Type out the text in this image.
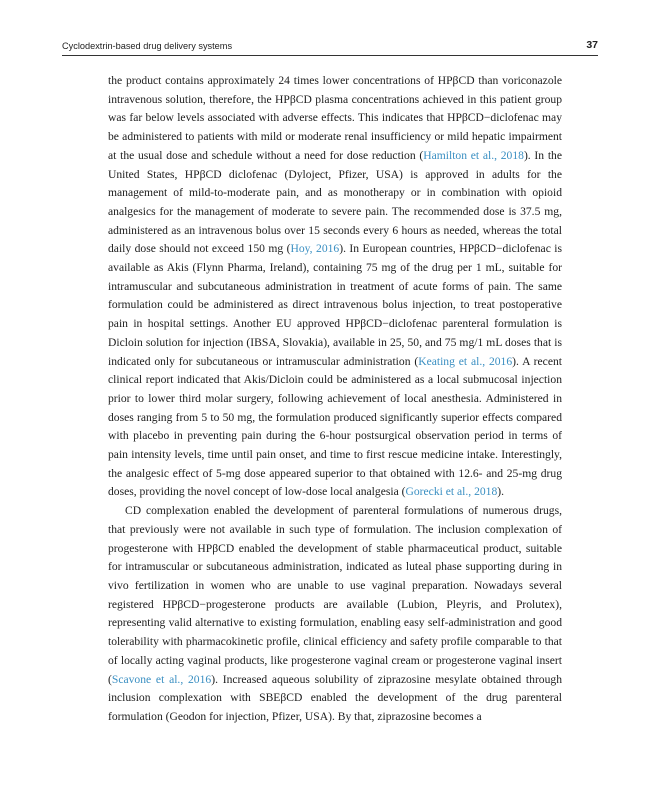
Cyclodextrin-based drug delivery systems	37

the product contains approximately 24 times lower concentrations of HPβCD than voriconazole intravenous solution, therefore, the HPβCD plasma concentrations achieved in this patient group was far below levels associated with adverse effects. This indicates that HPβCD−diclofenac may be administered to patients with mild or moderate renal insufficiency or mild hepatic impairment at the usual dose and schedule without a need for dose reduction (Hamilton et al., 2018). In the United States, HPβCD diclofenac (Dyloject, Pfizer, USA) is approved in adults for the management of mild-to-moderate pain, and as monotherapy or in combination with opioid analgesics for the management of moderate to severe pain. The recommended dose is 37.5 mg, administered as an intravenous bolus over 15 seconds every 6 hours as needed, whereas the total daily dose should not exceed 150 mg (Hoy, 2016). In European countries, HPβCD−diclofenac is available as Akis (Flynn Pharma, Ireland), containing 75 mg of the drug per 1 mL, suitable for intramuscular and subcutaneous administration in treatment of acute forms of pain. The same formulation could be administered as direct intravenous bolus injection, to treat postoperative pain in hospital settings. Another EU approved HPβCD−diclofenac parenteral formulation is Dicloin solution for injection (IBSA, Slovakia), available in 25, 50, and 75 mg/1 mL doses that is indicated only for subcutaneous or intramuscular administration (Keating et al., 2016). A recent clinical report indicated that Akis/Dicloin could be administered as a local submucosal injection prior to lower third molar surgery, following achievement of local anesthesia. Administered in doses ranging from 5 to 50 mg, the formulation produced significantly superior effects compared with placebo in preventing pain during the 6-hour postsurgical observation period in terms of pain intensity levels, time until pain onset, and time to first rescue medicine intake. Interestingly, the analgesic effect of 5-mg dose appeared superior to that obtained with 12.6- and 25-mg drug doses, providing the novel concept of low-dose local analgesia (Gorecki et al., 2018).

CD complexation enabled the development of parenteral formulations of numerous drugs, that previously were not available in such type of formulation. The inclusion complexation of progesterone with HPβCD enabled the development of stable pharmaceutical product, suitable for intramuscular or subcutaneous administration, indicated as luteal phase supporting during in vivo fertilization in women who are unable to use vaginal preparation. Nowadays several registered HPβCD−progesterone products are available (Lubion, Pleyris, and Prolutex), representing valid alternative to existing formulation, enabling easy self-administration and good tolerability with pharmacokinetic profile, clinical efficiency and safety profile comparable to that of locally acting vaginal products, like progesterone vaginal cream or progesterone vaginal insert (Scavone et al., 2016). Increased aqueous solubility of ziprazosine mesylate obtained through inclusion complexation with SBEβCD enabled the development of the drug parenteral formulation (Geodon for injection, Pfizer, USA). By that, ziprazosine becomes a
